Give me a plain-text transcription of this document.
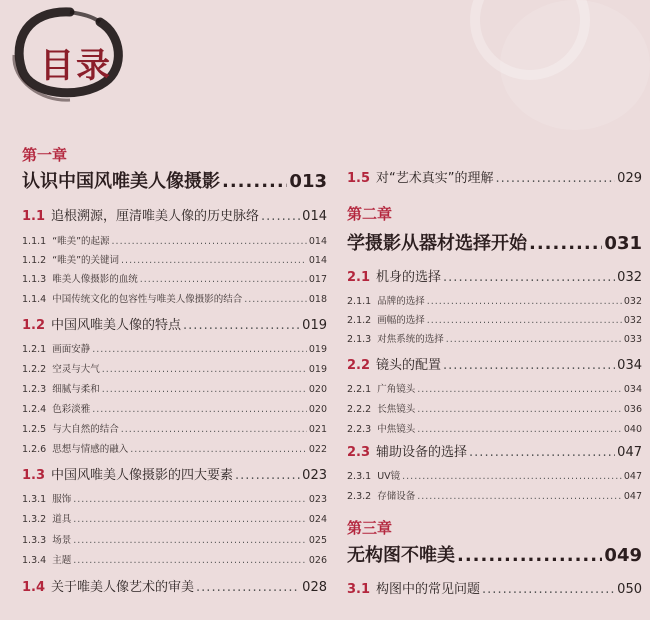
目录
第一章
认识中国风唯美人像摄影 .....	013
1.1 追根溯源，厘清唯美人像的历史脉络 .....	014
1.1.1 “唯美”的起源 .....	014
1.1.2 “唯美”的关键词 .....	014
1.1.3 唯美人像摄影的血统 .....	017
1.1.4 中国传统文化的包容性与唯美人像摄影的结合 .....	018
1.2 中国风唯美人像的特点 .....	019
1.2.1 画面安静 .....	019
1.2.2 空灵与大气 .....	019
1.2.3 细腻与柔和 .....	020
1.2.4 色彩淡雅 .....	020
1.2.5 与大自然的结合 .....	021
1.2.6 思想与情感的融入 .....	022
1.3 中国风唯美人像摄影的四大要素 .....	023
1.3.1 服饰 .....	023
1.3.2 道具 .....	024
1.3.3 场景 .....	025
1.3.4 主题 .....	026
1.4 关于唯美人像艺术的审美 .....	028
1.5 对“艺术真实”的理解 .....	029
第二章
学摄影从器材选择开始 .....	031
2.1 机身的选择 .....	032
2.1.1 品牌的选择 .....	032
2.1.2 画幅的选择 .....	032
2.1.3 对焦系统的选择 .....	033
2.2 镜头的配置 .....	034
2.2.1 广角镜头 .....	034
2.2.2 长焦镜头 .....	036
2.2.3 中焦镜头 .....	040
2.3 辅助设备的选择 .....	047
2.3.1 UV镜 .....	047
2.3.2 存储设备 .....	047
第三章
无构图不唯美 .....	049
3.1 构图中的常见问题 .....	050
